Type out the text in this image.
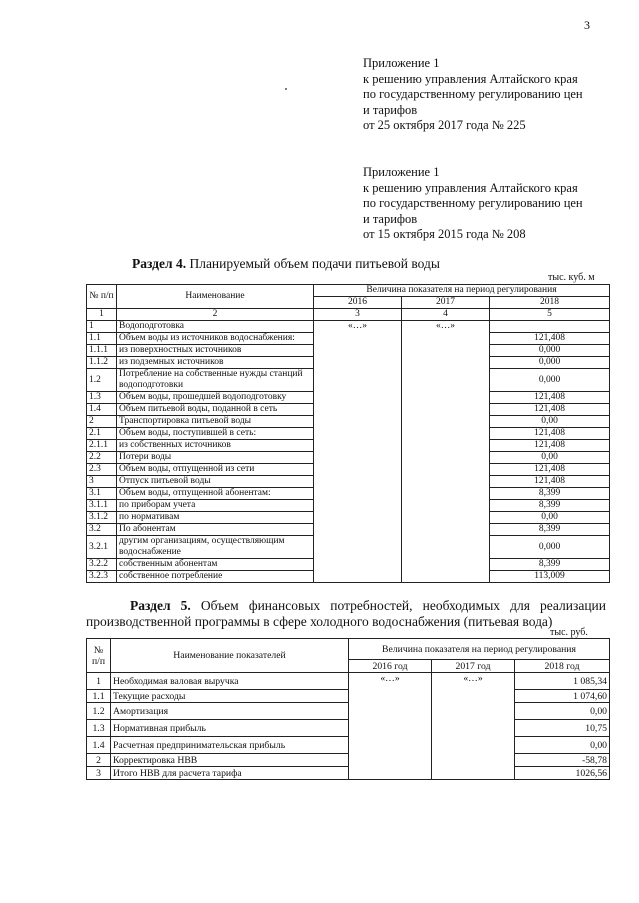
3
Приложение 1
к решению управления Алтайского края
по государственному регулированию цен
и тарифов
от 25 октября 2017 года № 225
Приложение 1
к решению управления Алтайского края
по государственному регулированию цен
и тарифов
от 15 октября 2015 года № 208
Раздел 4. Планируемый объем подачи питьевой воды
тыс. куб. м
№ п/п	Наименование	Величина показателя на период регулирования		
		2016	2017	2018
1	2	3	4	5
1	Водоподготовка	«…»	«…»	
1.1	Объем воды из источников водоснабжения:			121,408
1.1.1	из поверхностных источников			0,000
1.1.2	из подземных источников			0,000
1.2	Потребление на собственные нужды станций водоподготовки			0,000
1.3	Объем воды, прошедшей водоподготовку			121,408
1.4	Объем питьевой воды, поданной в сеть			121,408
2	Транспортировка питьевой воды			0,00
2.1	Объем воды, поступившей в сеть:			121,408
2.1.1	из собственных источников			121,408
2.2	Потери воды			0,00
2.3	Объем воды, отпущенной из сети			121,408
3	Отпуск питьевой воды			121,408
3.1	Объем воды, отпущенной абонентам:			8,399
3.1.1	по приборам учета			8,399
3.1.2	по нормативам			0,00
3.2	По абонентам			8,399
3.2.1	другим организациям, осуществляющим водоснабжение			0,000
3.2.2	собственным абонентам			8,399
3.2.3	собственное потребление			113,009
Раздел 5. Объем финансовых потребностей, необходимых для реализации производственной программы в сфере холодного водоснабжения (питьевая вода)
тыс. руб.
№ п/п	Наименование показателей	Величина показателя на период регулирования		
		2016 год	2017 год	2018 год
1	Необходимая валовая выручка	«…»	«…»	1 085,34
1.1	Текущие расходы			1 074,60
1.2	Амортизация			0,00
1.3	Нормативная прибыль			10,75
1.4	Расчетная предпринимательская прибыль			0,00
2	Корректировка НВВ			-58,78
3	Итого НВВ для расчета тарифа			1026,56
